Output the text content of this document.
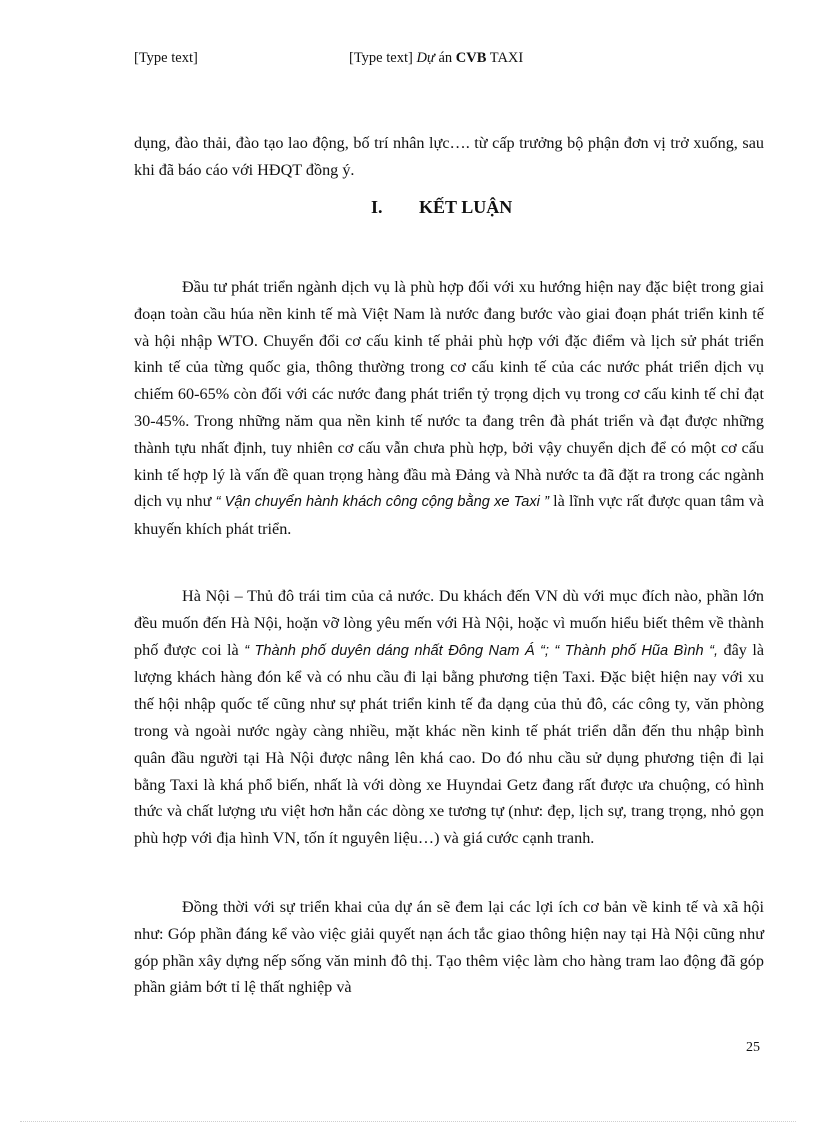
[Type text]	[Type text] Dự án CVB TAXI
dụng, đào thải, đào tạo lao động, bố trí nhân lực…. từ cấp trưởng bộ phận đơn vị trở xuống, sau khi đã báo cáo với HĐQT đồng ý.
I. KẾT LUẬN
Đầu tư phát triển ngành dịch vụ là phù hợp đối với xu hướng hiện nay đặc biệt trong giai đoạn toàn cầu húa nền kinh tế mà Việt Nam là nước đang bước vào giai đoạn phát triển kinh tế và hội nhập WTO. Chuyển đổi cơ cấu kinh tế phải phù hợp với đặc điểm và lịch sử phát triển kinh tế của từng quốc gia, thông thường trong cơ cấu kinh tế của các nước phát triển dịch vụ chiếm 60-65% còn đối với các nước đang phát triển tỷ trọng dịch vụ trong cơ cấu kinh tế chỉ đạt 30-45%. Trong những năm qua nền kinh tế nước ta đang trên đà phát triển và đạt được những thành tựu nhất định, tuy nhiên cơ cấu vẫn chưa phù hợp, bởi vậy chuyển dịch để có một cơ cấu kinh tế hợp lý là vấn đề quan trọng hàng đầu mà Đảng và Nhà nước ta đã đặt ra trong các ngành dịch vụ như “ Vận chuyển hành khách công cộng bằng xe Taxi ” là lĩnh vực rất được quan tâm và khuyến khích phát triển.
Hà Nội – Thủ đô trái tim của cả nước. Du khách đến VN dù với mục đích nào, phần lớn đều muốn đến Hà Nội, hoặn vỡ lòng yêu mến với Hà Nội, hoặc vì muốn hiểu biết thêm về thành phố được coi là “ Thành phố duyên dáng nhất Đông Nam Á “; “ Thành phố Hũa Bình “, đây là lượng khách hàng đón kể và có nhu cầu đi lại bằng phương tiện Taxi. Đặc biệt hiện nay với xu thế hội nhập quốc tế cũng như sự phát triển kinh tế đa dạng của thủ đô, các công ty, văn phòng trong và ngoài nước ngày càng nhiều, mặt khác nền kinh tế phát triển dẫn đến thu nhập bình quân đầu người tại Hà Nội được nâng lên khá cao. Do đó nhu cầu sử dụng phương tiện đi lại bằng Taxi là khá phổ biến, nhất là với dòng xe Huyndai Getz đang rất được ưa chuộng, có hình thức và chất lượng ưu việt hơn hẳn các dòng xe tương tự (như: đẹp, lịch sự, trang trọng, nhỏ gọn phù hợp với địa hình VN, tốn ít nguyên liệu…) và giá cước cạnh tranh.
Đồng thời với sự triển khai của dự án sẽ đem lại các lợi ích cơ bản về kinh tế và xã hội như: Góp phần đáng kể vào việc giải quyết nạn ách tắc giao thông hiện nay tại Hà Nội cũng như góp phần xây dựng nếp sống văn minh đô thị. Tạo thêm việc làm cho hàng tram lao động đã góp phần giảm bớt tỉ lệ thất nghiệp và
25
